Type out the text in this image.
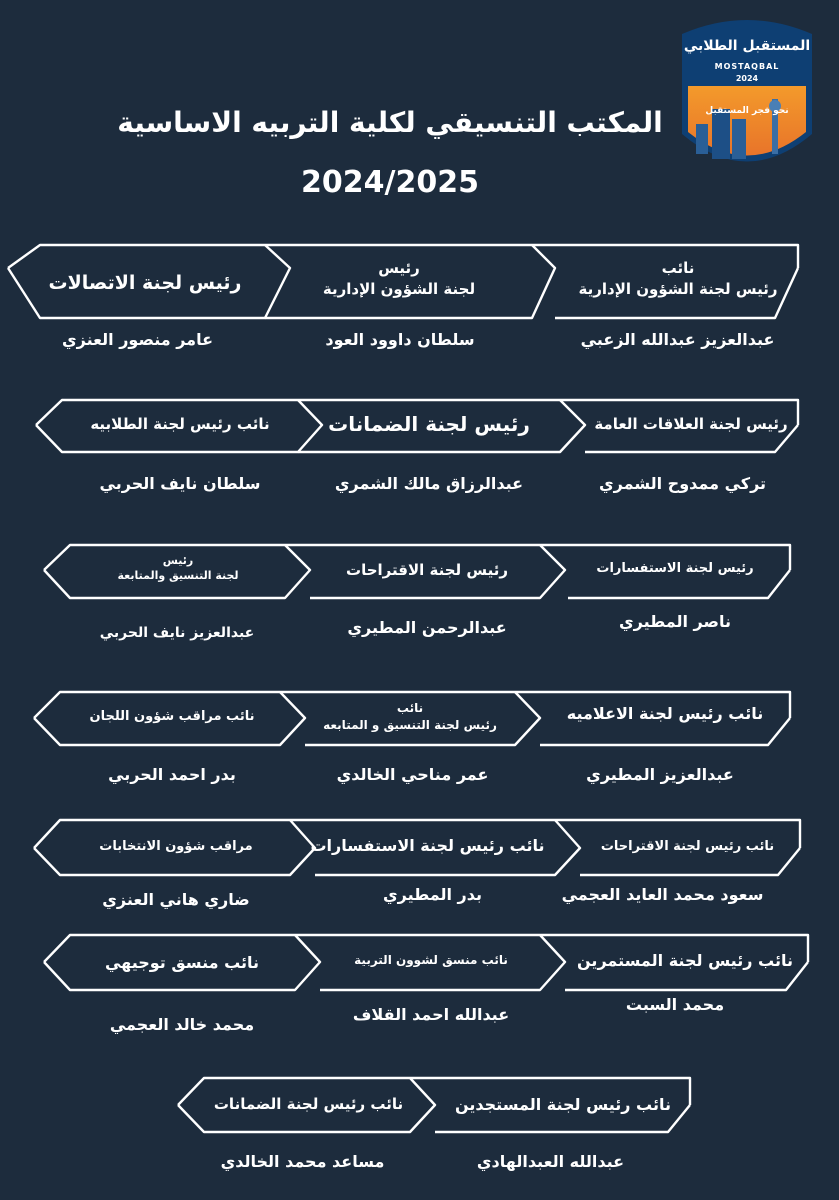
المستقبل الطلابي
MOSTAQBAL
2024
نحو فجر المستقبل
المكتب التنسيقي لكلية التربيه الاساسية
2024/2025
نائب
رئيس لجنة الشؤون الإدارية
عبدالعزيز عبدالله الزعبي
رئيس
لجنة الشؤون الإدارية
سلطان داوود العود
رئيس لجنة الاتصالات
عامر منصور العنزي
رئيس لجنة العلاقات العامة
تركي ممدوح الشمري
رئيس لجنة الضمانات
عبدالرزاق مالك الشمري
نائب رئيس لجنة الطلابيه
سلطان نايف الحربي
رئيس لجنة الاستفسارات
ناصر المطيري
رئيس لجنة الاقتراحات
عبدالرحمن المطيري
رئيس
لجنة التنسيق والمتابعة
عبدالعزيز نايف الحربي
نائب رئيس لجنة الاعلاميه
عبدالعزيز المطيري
نائب
رئيس لجنة التنسيق و المتابعه
عمر مناحي الخالدي
نائب مراقب شؤون اللجان
بدر احمد الحربي
نائب رئيس لجنة الاقتراحات
سعود محمد العايد العجمي
نائب رئيس لجنة الاستفسارات
بدر المطيري
مراقب شؤون الانتخابات
ضاري هاني العنزي
نائب رئيس لجنة المستمرين
محمد السبت
نائب منسق لشوون التربية
عبدالله احمد القلاف
نائب منسق توجيهي
محمد خالد العجمي
نائب رئيس لجنة المستجدين
عبدالله العبدالهادي
نائب رئيس لجنة الضمانات
مساعد محمد الخالدي
